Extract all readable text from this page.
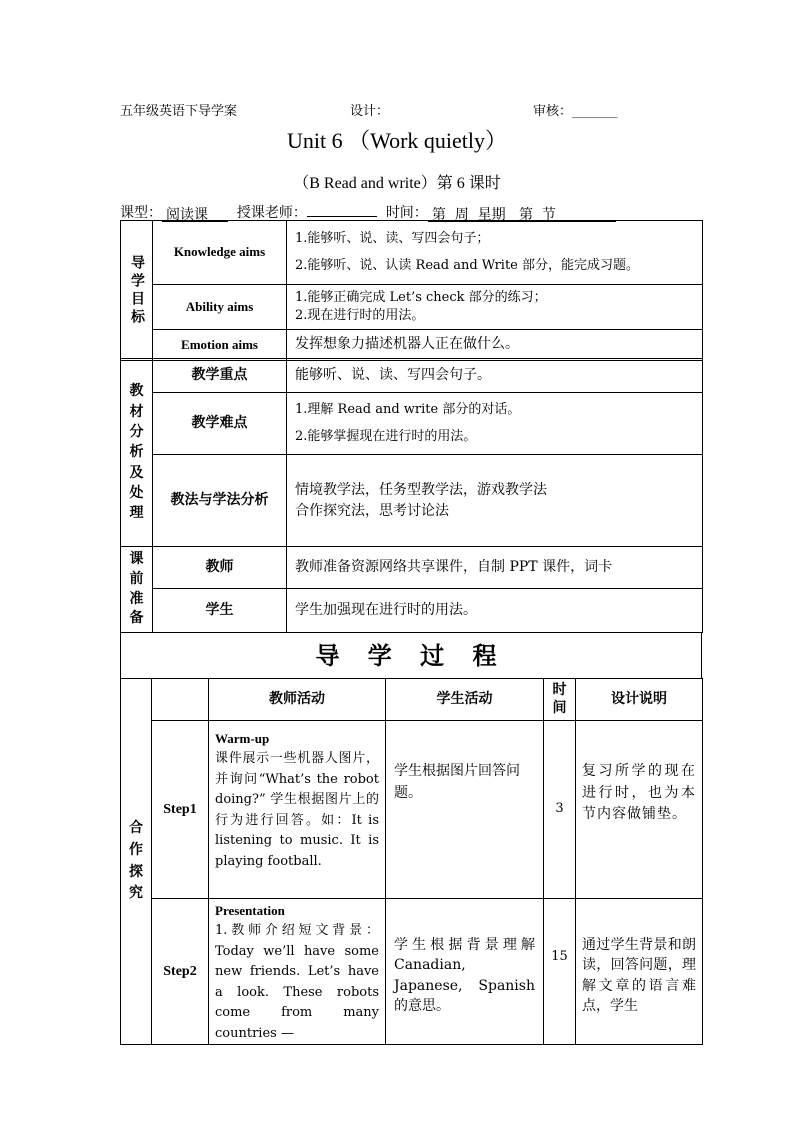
五年级英语下导学案	设计：	审核：_______
Unit 6 （Work quietly）
（B Read and write）第 6 课时
课型： 阅读课 授课老师：	时间： 第  周  星期   第  节
导学目标	Knowledge aims	1.能够听、说、读、写四会句子；
2.能够听、说、认读 Read and Write 部分，能完成习题。

	Ability aims	1.能够正确完成 Let’s check 部分的练习；
2.现在进行时的用法。

	Emotion aims	发挥想象力描述机器人正在做什么。
教材分析及处理	教学重点	能够听、说、读、写四会句子。
	教学难点	1.理解 Read and write 部分的对话。
2.能够掌握现在进行时的用法。

	教法与学法分析	情境教学法，任务型教学法，游戏教学法
合作探究法，思考讨论法
课前准备	教师	教师准备资源网络共享课件，自制 PPT 课件，词卡
	学生	学生加强现在进行时的用法。
导 学 过 程
合作探究		教师活动	学生活动	时间	设计说明
	Step1	Warm-up
课件展示一些机器人图片，并询问“What’s the robot doing?” 学生根据图片上的行为进行回答。如：It is listening to music. It is playing football.	学生根据图片回答问题。	3	复习所学的现在进行时，也为本节内容做铺垫。
	Step2	Presentation
1.教师介绍短文背景：Today we’ll have some new friends. Let’s have a look. These robots come from many countries —	学生根据背景理解 Canadian, Japanese, Spanish 的意思。	15	通过学生背景和朗读，回答问题，理解文章的语言难点，学生
